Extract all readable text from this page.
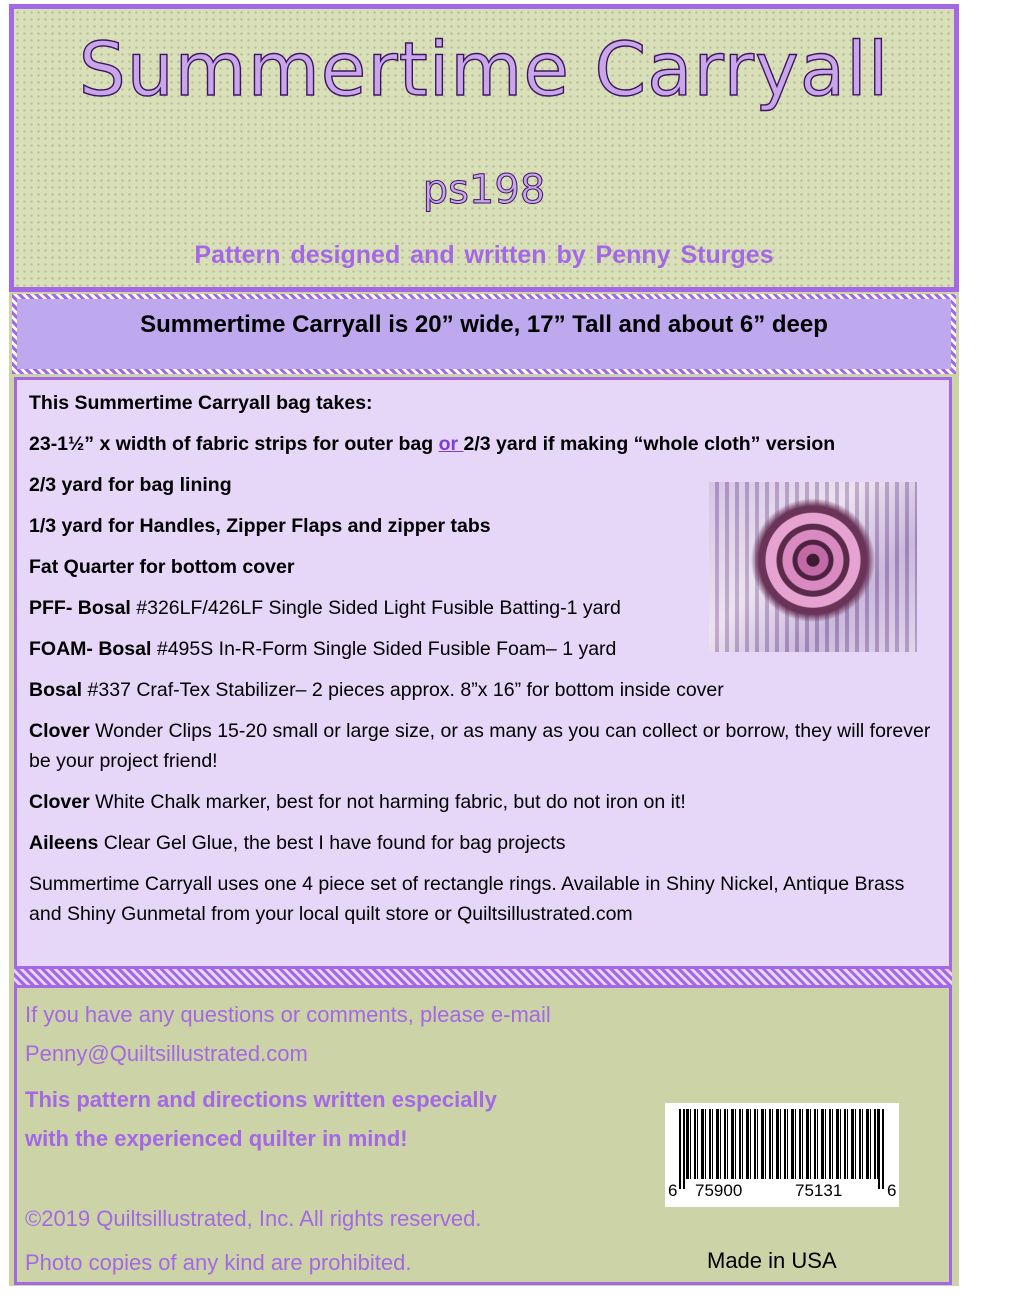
Summertime Carryall
ps198
Pattern designed and written by Penny Sturges
Summertime Carryall is 20” wide, 17” Tall and about 6” deep
This Summertime Carryall bag takes:
23-1½” x width of fabric strips for outer bag or 2/3 yard if making “whole cloth” version
2/3 yard for bag lining
1/3 yard for Handles, Zipper Flaps and zipper tabs
Fat Quarter for bottom cover
PFF- Bosal #326LF/426LF Single Sided Light Fusible Batting-1 yard
FOAM- Bosal #495S In-R-Form Single Sided Fusible Foam– 1 yard
Bosal #337 Craf-Tex Stabilizer– 2 pieces approx. 8”x 16” for bottom inside cover
Clover Wonder Clips 15-20 small or large size, or as many as you can collect or borrow, they will forever be your project friend!
Clover White Chalk marker, best for not harming fabric, but do not iron on it!
Aileens Clear Gel Glue, the best I have found for bag projects
Summertime Carryall uses one 4 piece set of rectangle rings. Available in Shiny Nickel, Antique Brass and Shiny Gunmetal from your local quilt store or Quiltsillustrated.com
If you have any questions or comments, please e-mail
Penny@Quiltsillustrated.com
This pattern and directions written especially
with the experienced quilter in mind!
6 75900	75131	6
©2019 Quiltsillustrated, Inc. All rights reserved.
Photo copies of any kind are prohibited.	Made in USA
